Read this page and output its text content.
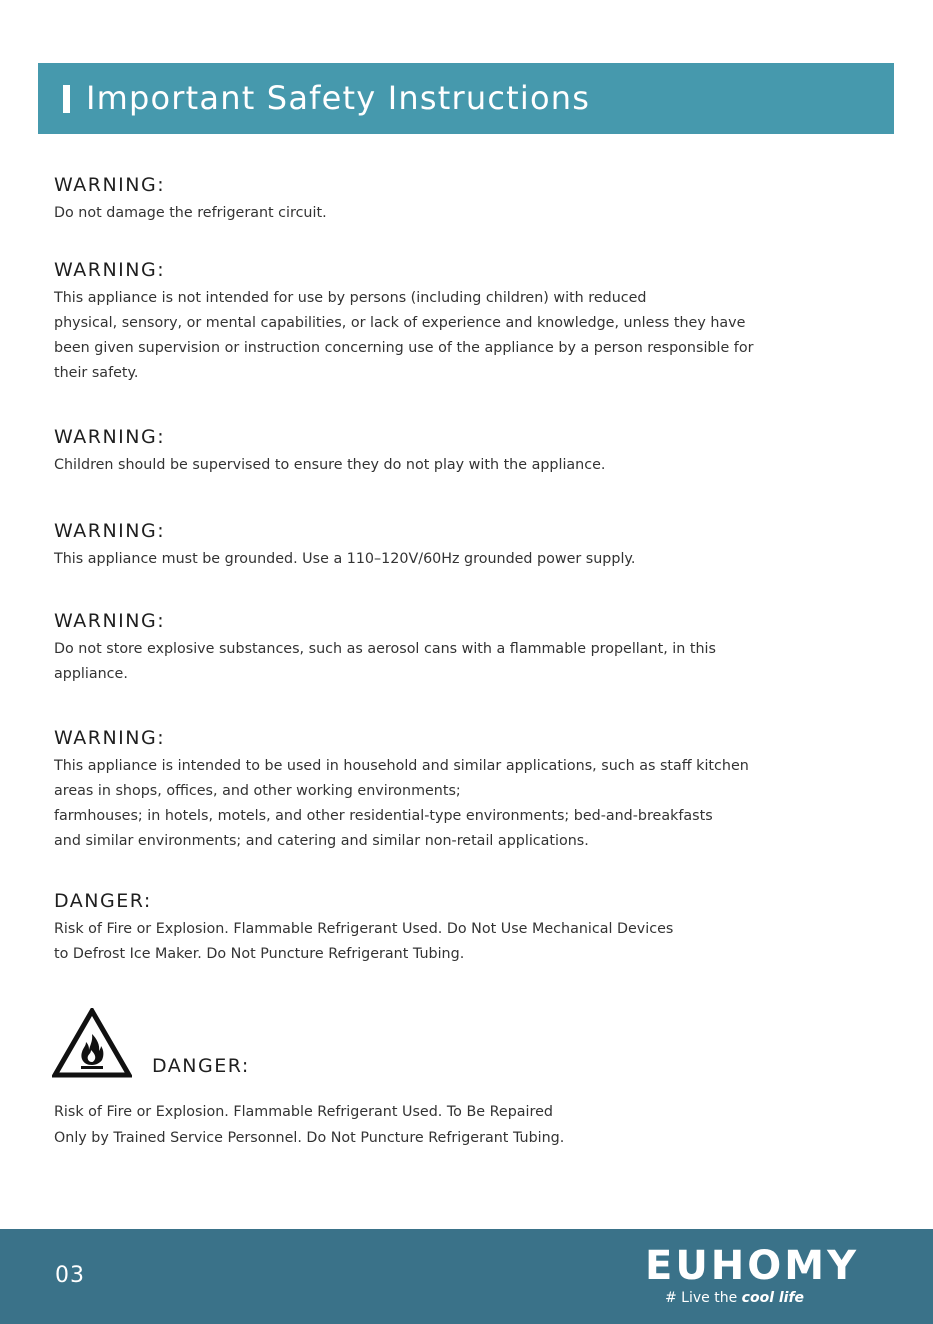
Important Safety Instructions
WARNING:
Do not damage the refrigerant circuit.
WARNING:
This appliance is not intended for use by persons (including children) with reduced
physical, sensory, or mental capabilities, or lack of experience and knowledge, unless they have
been given supervision or instruction concerning use of the appliance by a person responsible for
their safety.
WARNING:
Children should be supervised to ensure they do not play with the appliance.
WARNING:
This appliance must be grounded. Use a 110–120V/60Hz grounded power supply.
WARNING:
Do not store explosive substances, such as aerosol cans with a flammable propellant, in this
appliance.
WARNING:
This appliance is intended to be used in household and similar applications, such as staff kitchen
areas in shops, offices, and other working environments;
farmhouses; in hotels, motels, and other residential-type environments; bed-and-breakfasts
and similar environments; and catering and similar non-retail applications.
DANGER:
Risk of Fire or Explosion. Flammable Refrigerant Used. Do Not Use Mechanical Devices
to Defrost Ice Maker. Do Not Puncture Refrigerant Tubing.
DANGER:
Risk of Fire or Explosion. Flammable Refrigerant Used. To Be Repaired
Only by Trained Service Personnel. Do Not Puncture Refrigerant Tubing.
03	EUHOMY
# Live the cool life
